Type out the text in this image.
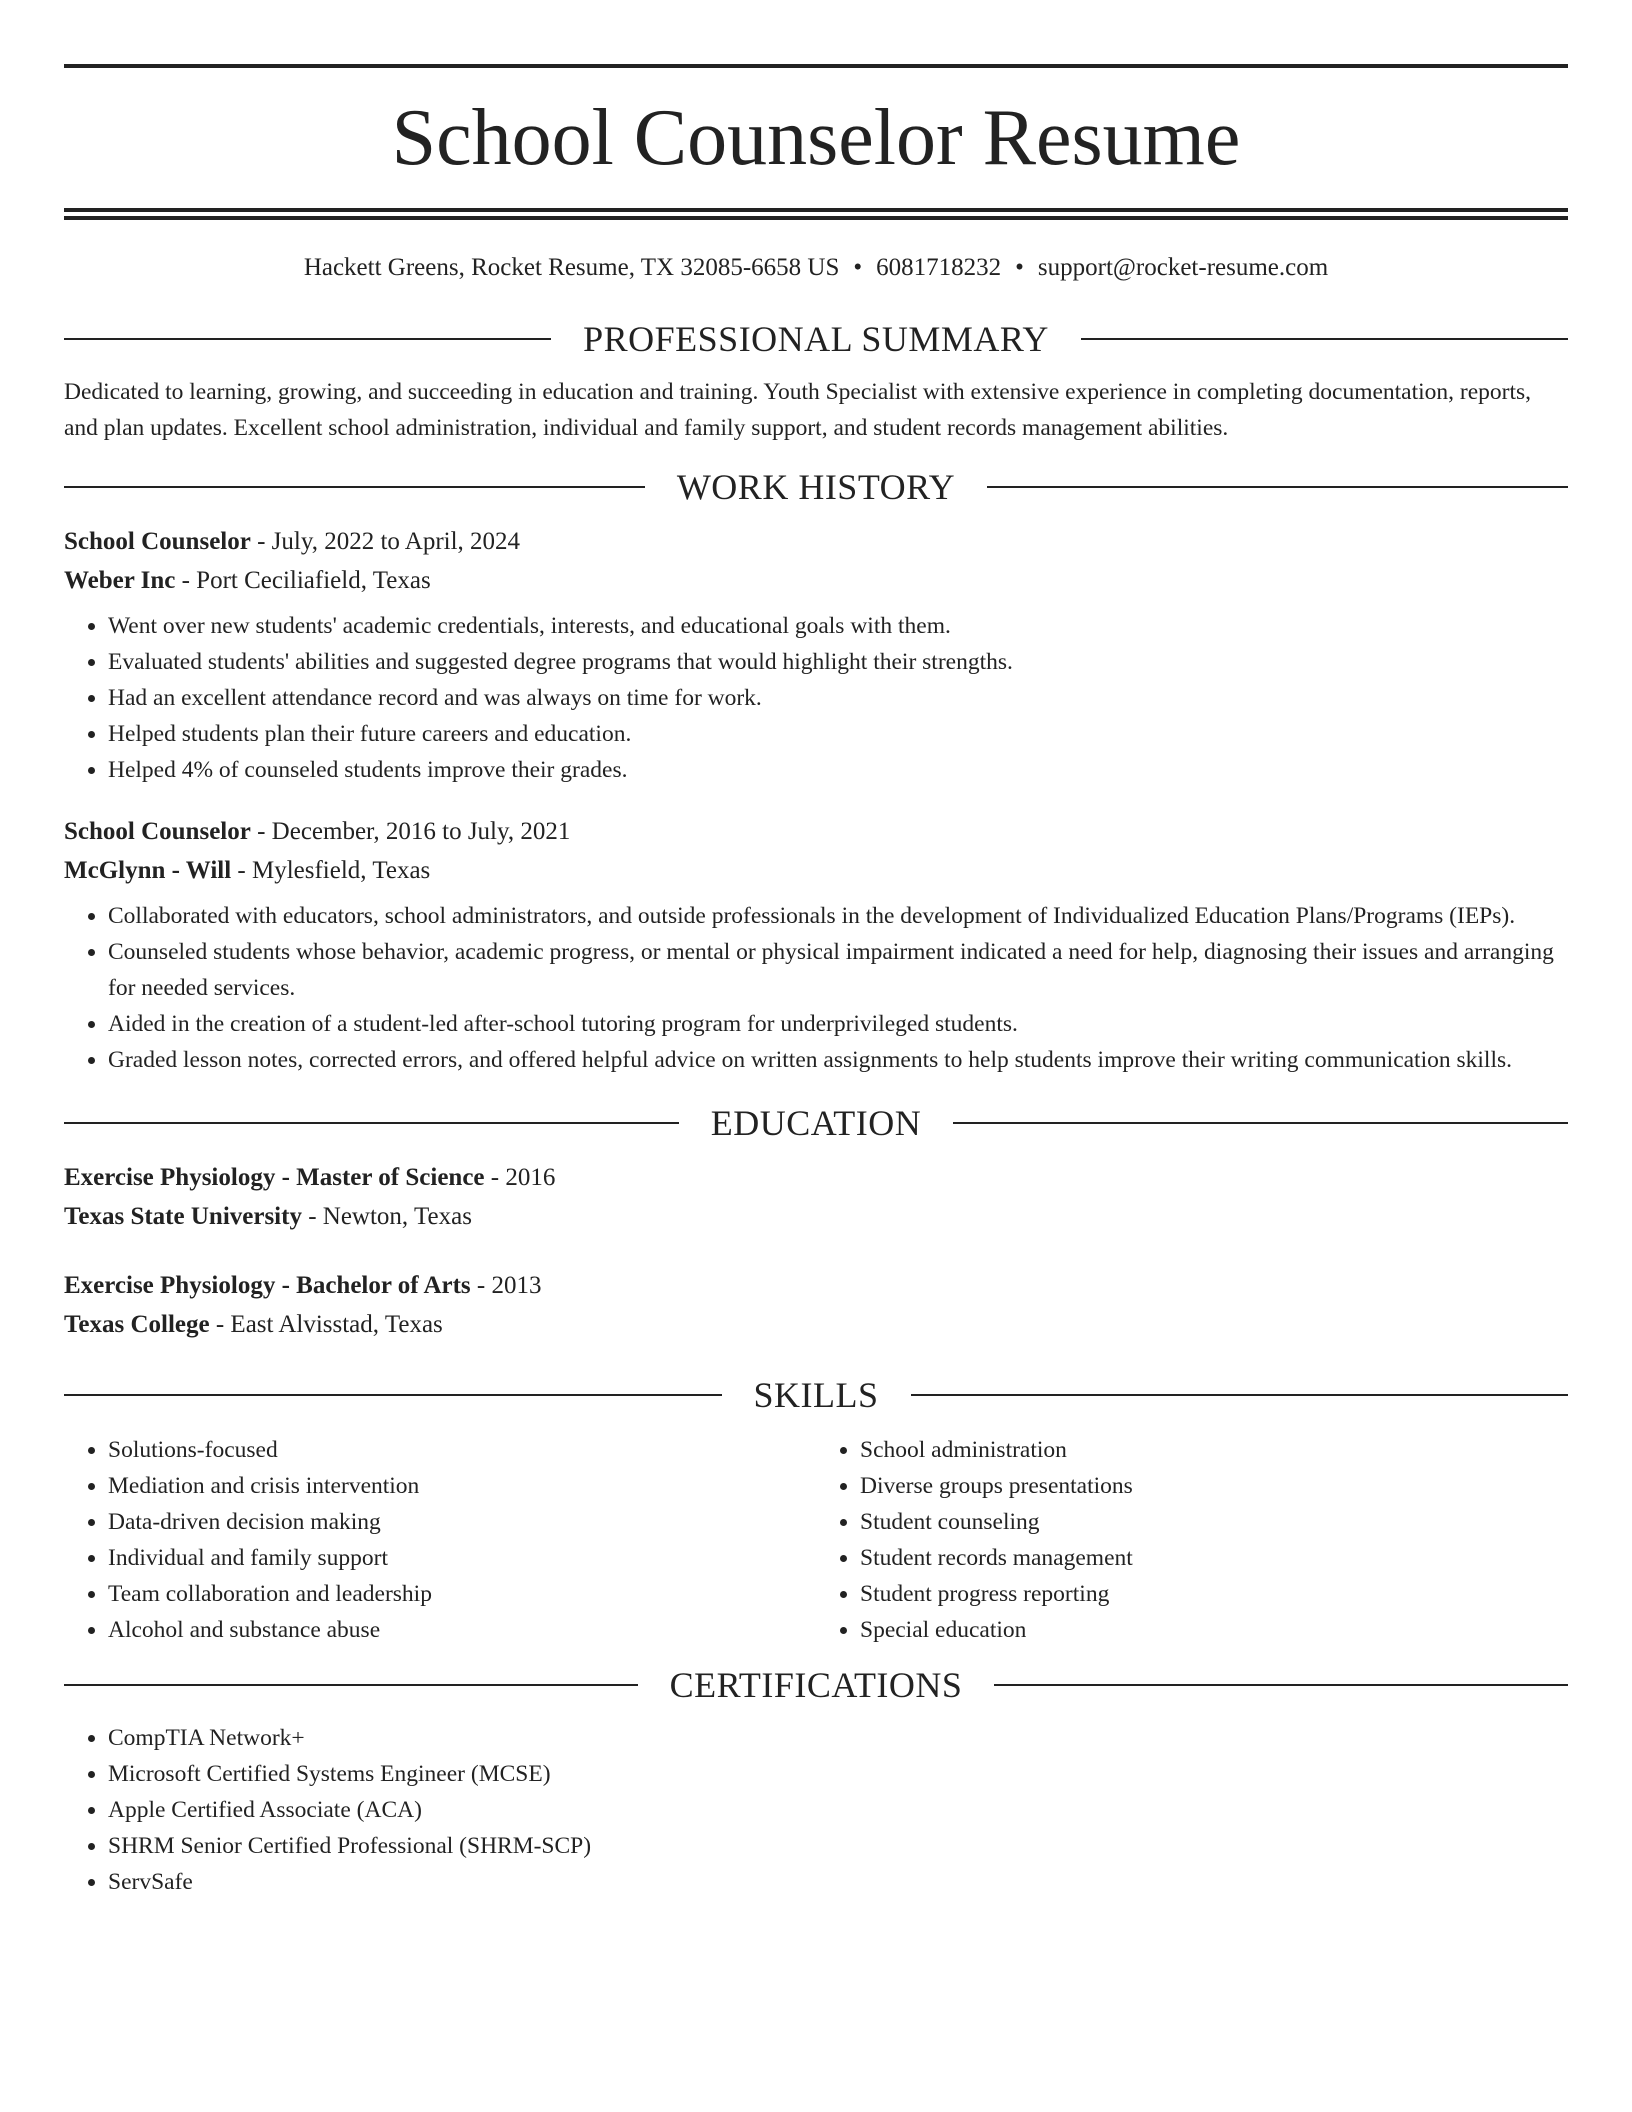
School Counselor Resume
Hackett Greens, Rocket Resume, TX 32085-6658 US • 6081718232 • support@rocket-resume.com
PROFESSIONAL SUMMARY

Dedicated to learning, growing, and succeeding in education and training. Youth Specialist with extensive experience in completing documentation, reports, and plan updates. Excellent school administration, individual and family support, and student records management abilities.

WORK HISTORY
School Counselor - July, 2022 to April, 2024
Weber Inc - Port Ceciliafield, Texas
• Went over new students' academic credentials, interests, and educational goals with them.
• Evaluated students' abilities and suggested degree programs that would highlight their strengths.
• Had an excellent attendance record and was always on time for work.
• Helped students plan their future careers and education.
• Helped 4% of counseled students improve their grades.
School Counselor - December, 2016 to July, 2021
McGlynn - Will - Mylesfield, Texas
• Collaborated with educators, school administrators, and outside professionals in the development of Individualized Education Plans/Programs (IEPs).
• Counseled students whose behavior, academic progress, or mental or physical impairment indicated a need for help, diagnosing their issues and arranging for needed services.
• Aided in the creation of a student-led after-school tutoring program for underprivileged students.
• Graded lesson notes, corrected errors, and offered helpful advice on written assignments to help students improve their writing communication skills.
EDUCATION
Exercise Physiology - Master of Science - 2016
Texas State University - Newton, Texas
Exercise Physiology - Bachelor of Arts - 2013
Texas College - East Alvisstad, Texas
SKILLS
• Solutions-focused
• Mediation and crisis intervention
• Data-driven decision making
• Individual and family support
• Team collaboration and leadership
• Alcohol and substance abuse
• School administration
• Diverse groups presentations
• Student counseling
• Student records management
• Student progress reporting
• Special education
CERTIFICATIONS
• CompTIA Network+
• Microsoft Certified Systems Engineer (MCSE)
• Apple Certified Associate (ACA)
• SHRM Senior Certified Professional (SHRM-SCP)
• ServSafe
